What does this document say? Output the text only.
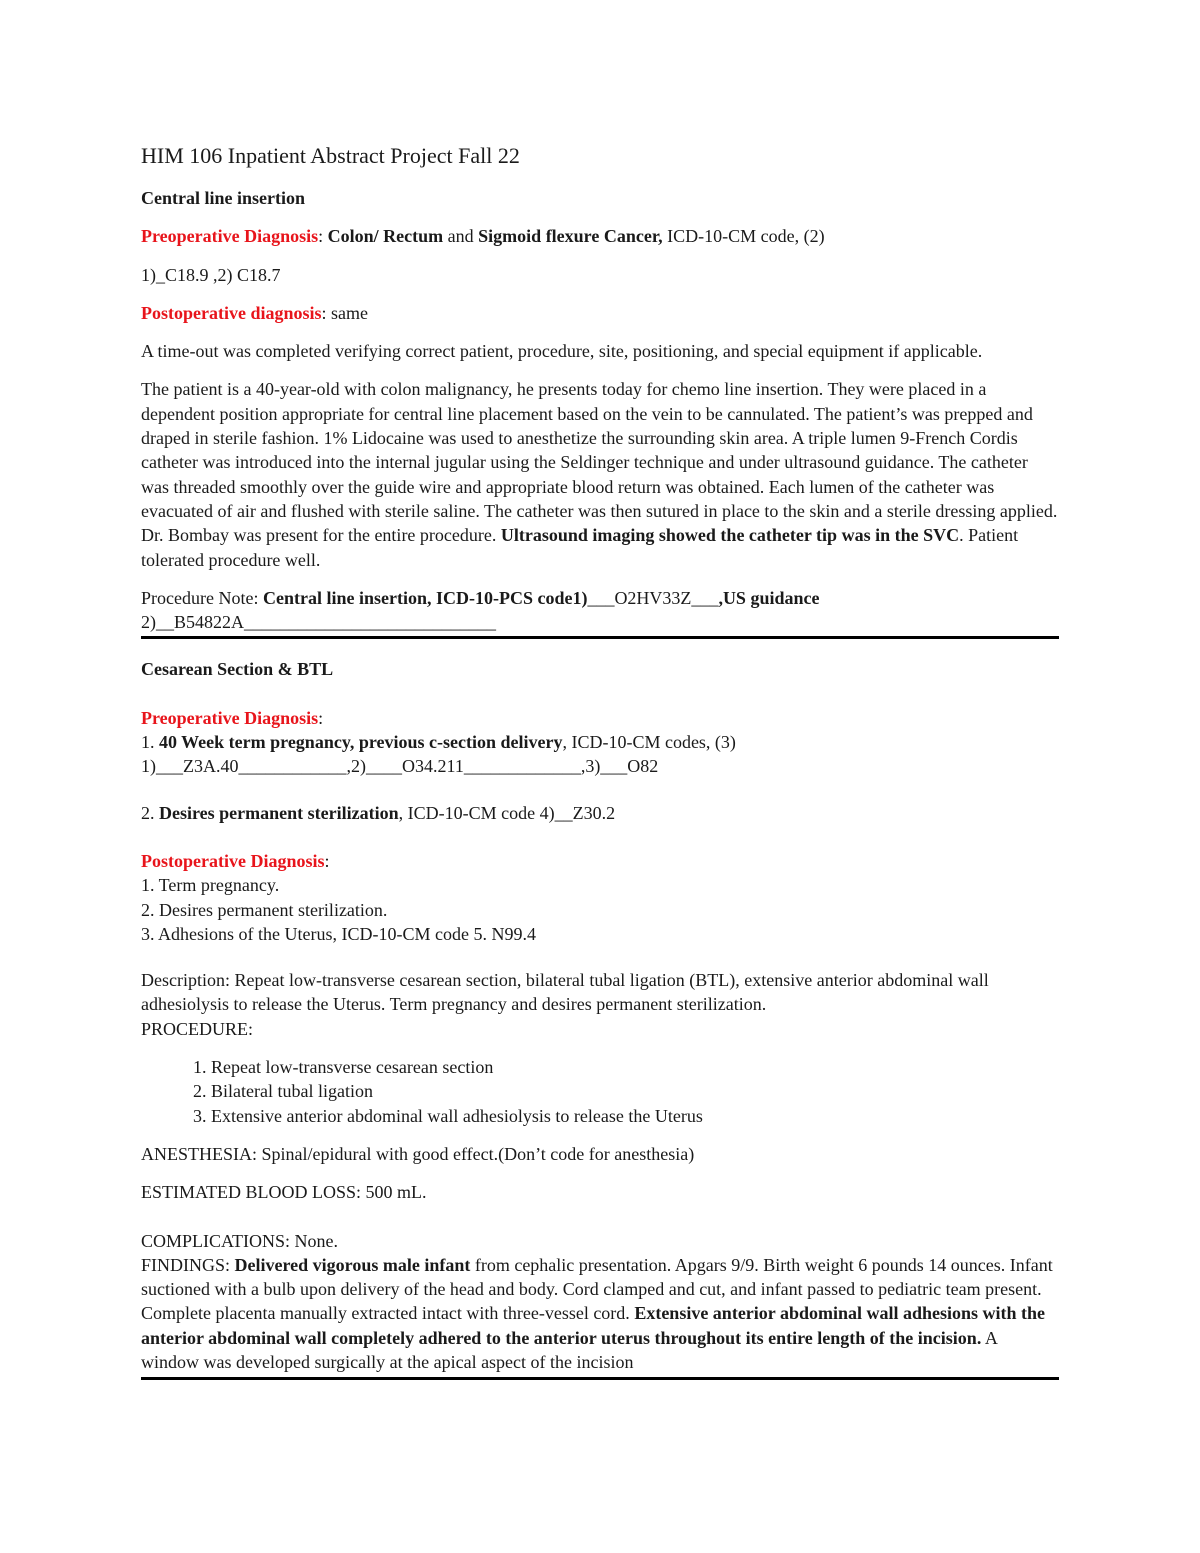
HIM 106 Inpatient Abstract Project Fall 22

Central line insertion

Preoperative Diagnosis: Colon/ Rectum and Sigmoid flexure Cancer, ICD-10-CM code, (2)

1)_C18.9 ,2) C18.7

Postoperative diagnosis: same

A time-out was completed verifying correct patient, procedure, site, positioning, and special equipment if applicable.

The patient is a 40-year-old with colon malignancy, he presents today for chemo line insertion. They were placed in a dependent position appropriate for central line placement based on the vein to be cannulated. The patient’s was prepped and draped in sterile fashion. 1% Lidocaine was used to anesthetize the surrounding skin area. A triple lumen 9-French Cordis catheter was introduced into the internal jugular using the Seldinger technique and under ultrasound guidance. The catheter was threaded smoothly over the guide wire and appropriate blood return was obtained. Each lumen of the catheter was evacuated of air and flushed with sterile saline. The catheter was then sutured in place to the skin and a sterile dressing applied. Dr. Bombay was present for the entire procedure. Ultrasound imaging showed the catheter tip was in the SVC. Patient tolerated procedure well.

Procedure Note: Central line insertion, ICD-10-PCS code1)___O2HV33Z___,US guidance
2)__B54822A____________________________

Cesarean Section & BTL

Preoperative Diagnosis:
1. 40 Week term pregnancy, previous c-section delivery, ICD-10-CM codes, (3)
1)___Z3A.40____________,2)____O34.211_____________,3)___O82

2. Desires permanent sterilization, ICD-10-CM code 4)__Z30.2

Postoperative Diagnosis:
1. Term pregnancy.
2. Desires permanent sterilization.
3. Adhesions of the Uterus, ICD-10-CM code 5. N99.4
Description: Repeat low-transverse cesarean section, bilateral tubal ligation (BTL), extensive anterior abdominal wall adhesiolysis to release the Uterus. Term pregnancy and desires permanent sterilization.
PROCEDURE:
1. Repeat low-transverse cesarean section
2. Bilateral tubal ligation
3. Extensive anterior abdominal wall adhesiolysis to release the Uterus

ANESTHESIA: Spinal/epidural with good effect.(Don’t code for anesthesia)

ESTIMATED BLOOD LOSS: 500 mL.

COMPLICATIONS: None.
FINDINGS: Delivered vigorous male infant from cephalic presentation. Apgars 9/9. Birth weight 6 pounds 14 ounces. Infant suctioned with a bulb upon delivery of the head and body. Cord clamped and cut, and infant passed to pediatric team present. Complete placenta manually extracted intact with three-vessel cord. Extensive anterior abdominal wall adhesions with the anterior abdominal wall completely adhered to the anterior uterus throughout its entire length of the incision. A window was developed surgically at the apical aspect of the incision
